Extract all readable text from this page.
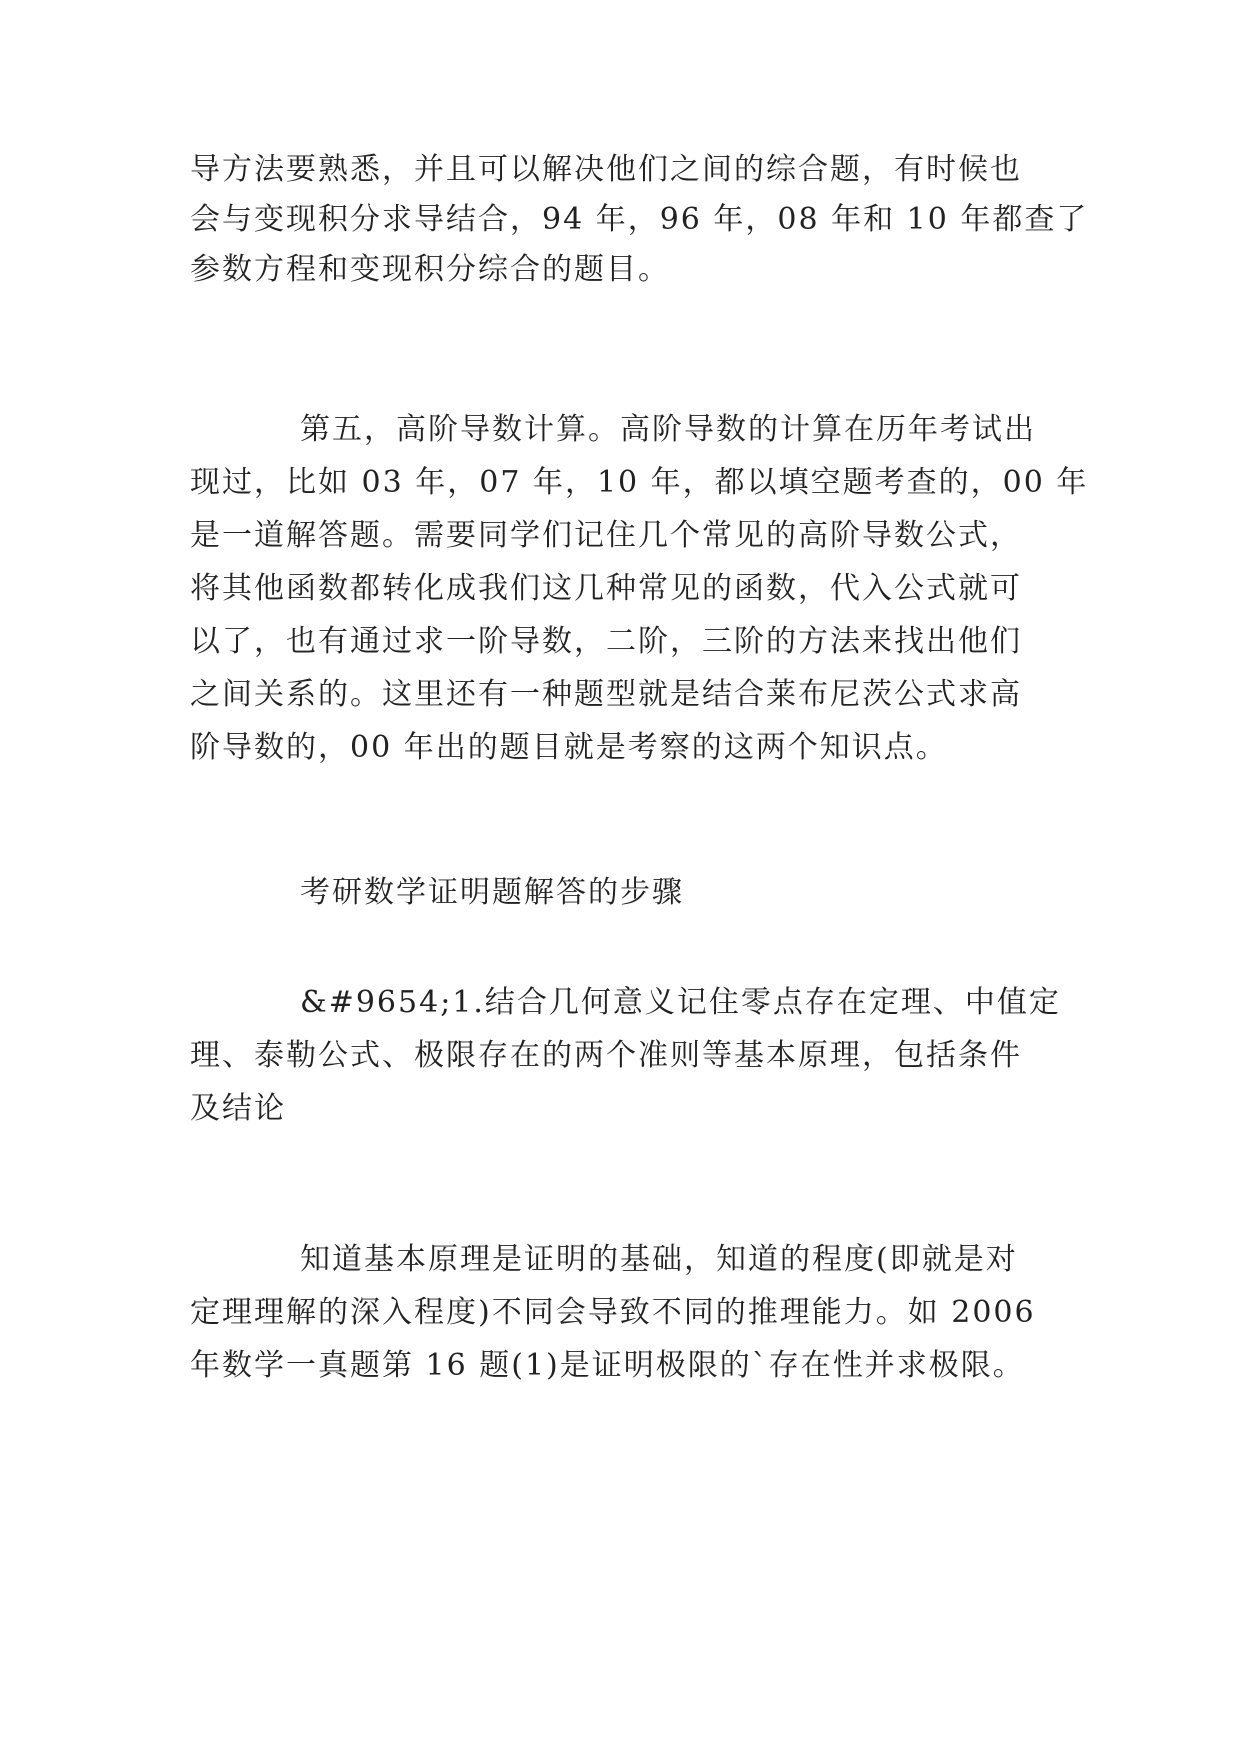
导方法要熟悉，并且可以解决他们之间的综合题，有时候也
会与变现积分求导结合，94 年，96 年，08 年和 10 年都查了
参数方程和变现积分综合的题目。
第五，高阶导数计算。高阶导数的计算在历年考试出
现过，比如 03 年，07 年，10 年，都以填空题考查的，00 年
是一道解答题。需要同学们记住几个常见的高阶导数公式，
将其他函数都转化成我们这几种常见的函数，代入公式就可
以了，也有通过求一阶导数，二阶，三阶的方法来找出他们
之间关系的。这里还有一种题型就是结合莱布尼茨公式求高
阶导数的，00 年出的题目就是考察的这两个知识点。
考研数学证明题解答的步骤
&#9654;1.结合几何意义记住零点存在定理、中值定
理、泰勒公式、极限存在的两个准则等基本原理，包括条件
及结论
知道基本原理是证明的基础，知道的程度(即就是对
定理理解的深入程度)不同会导致不同的推理能力。如 2006
年数学一真题第 16 题(1)是证明极限的`存在性并求极限。
